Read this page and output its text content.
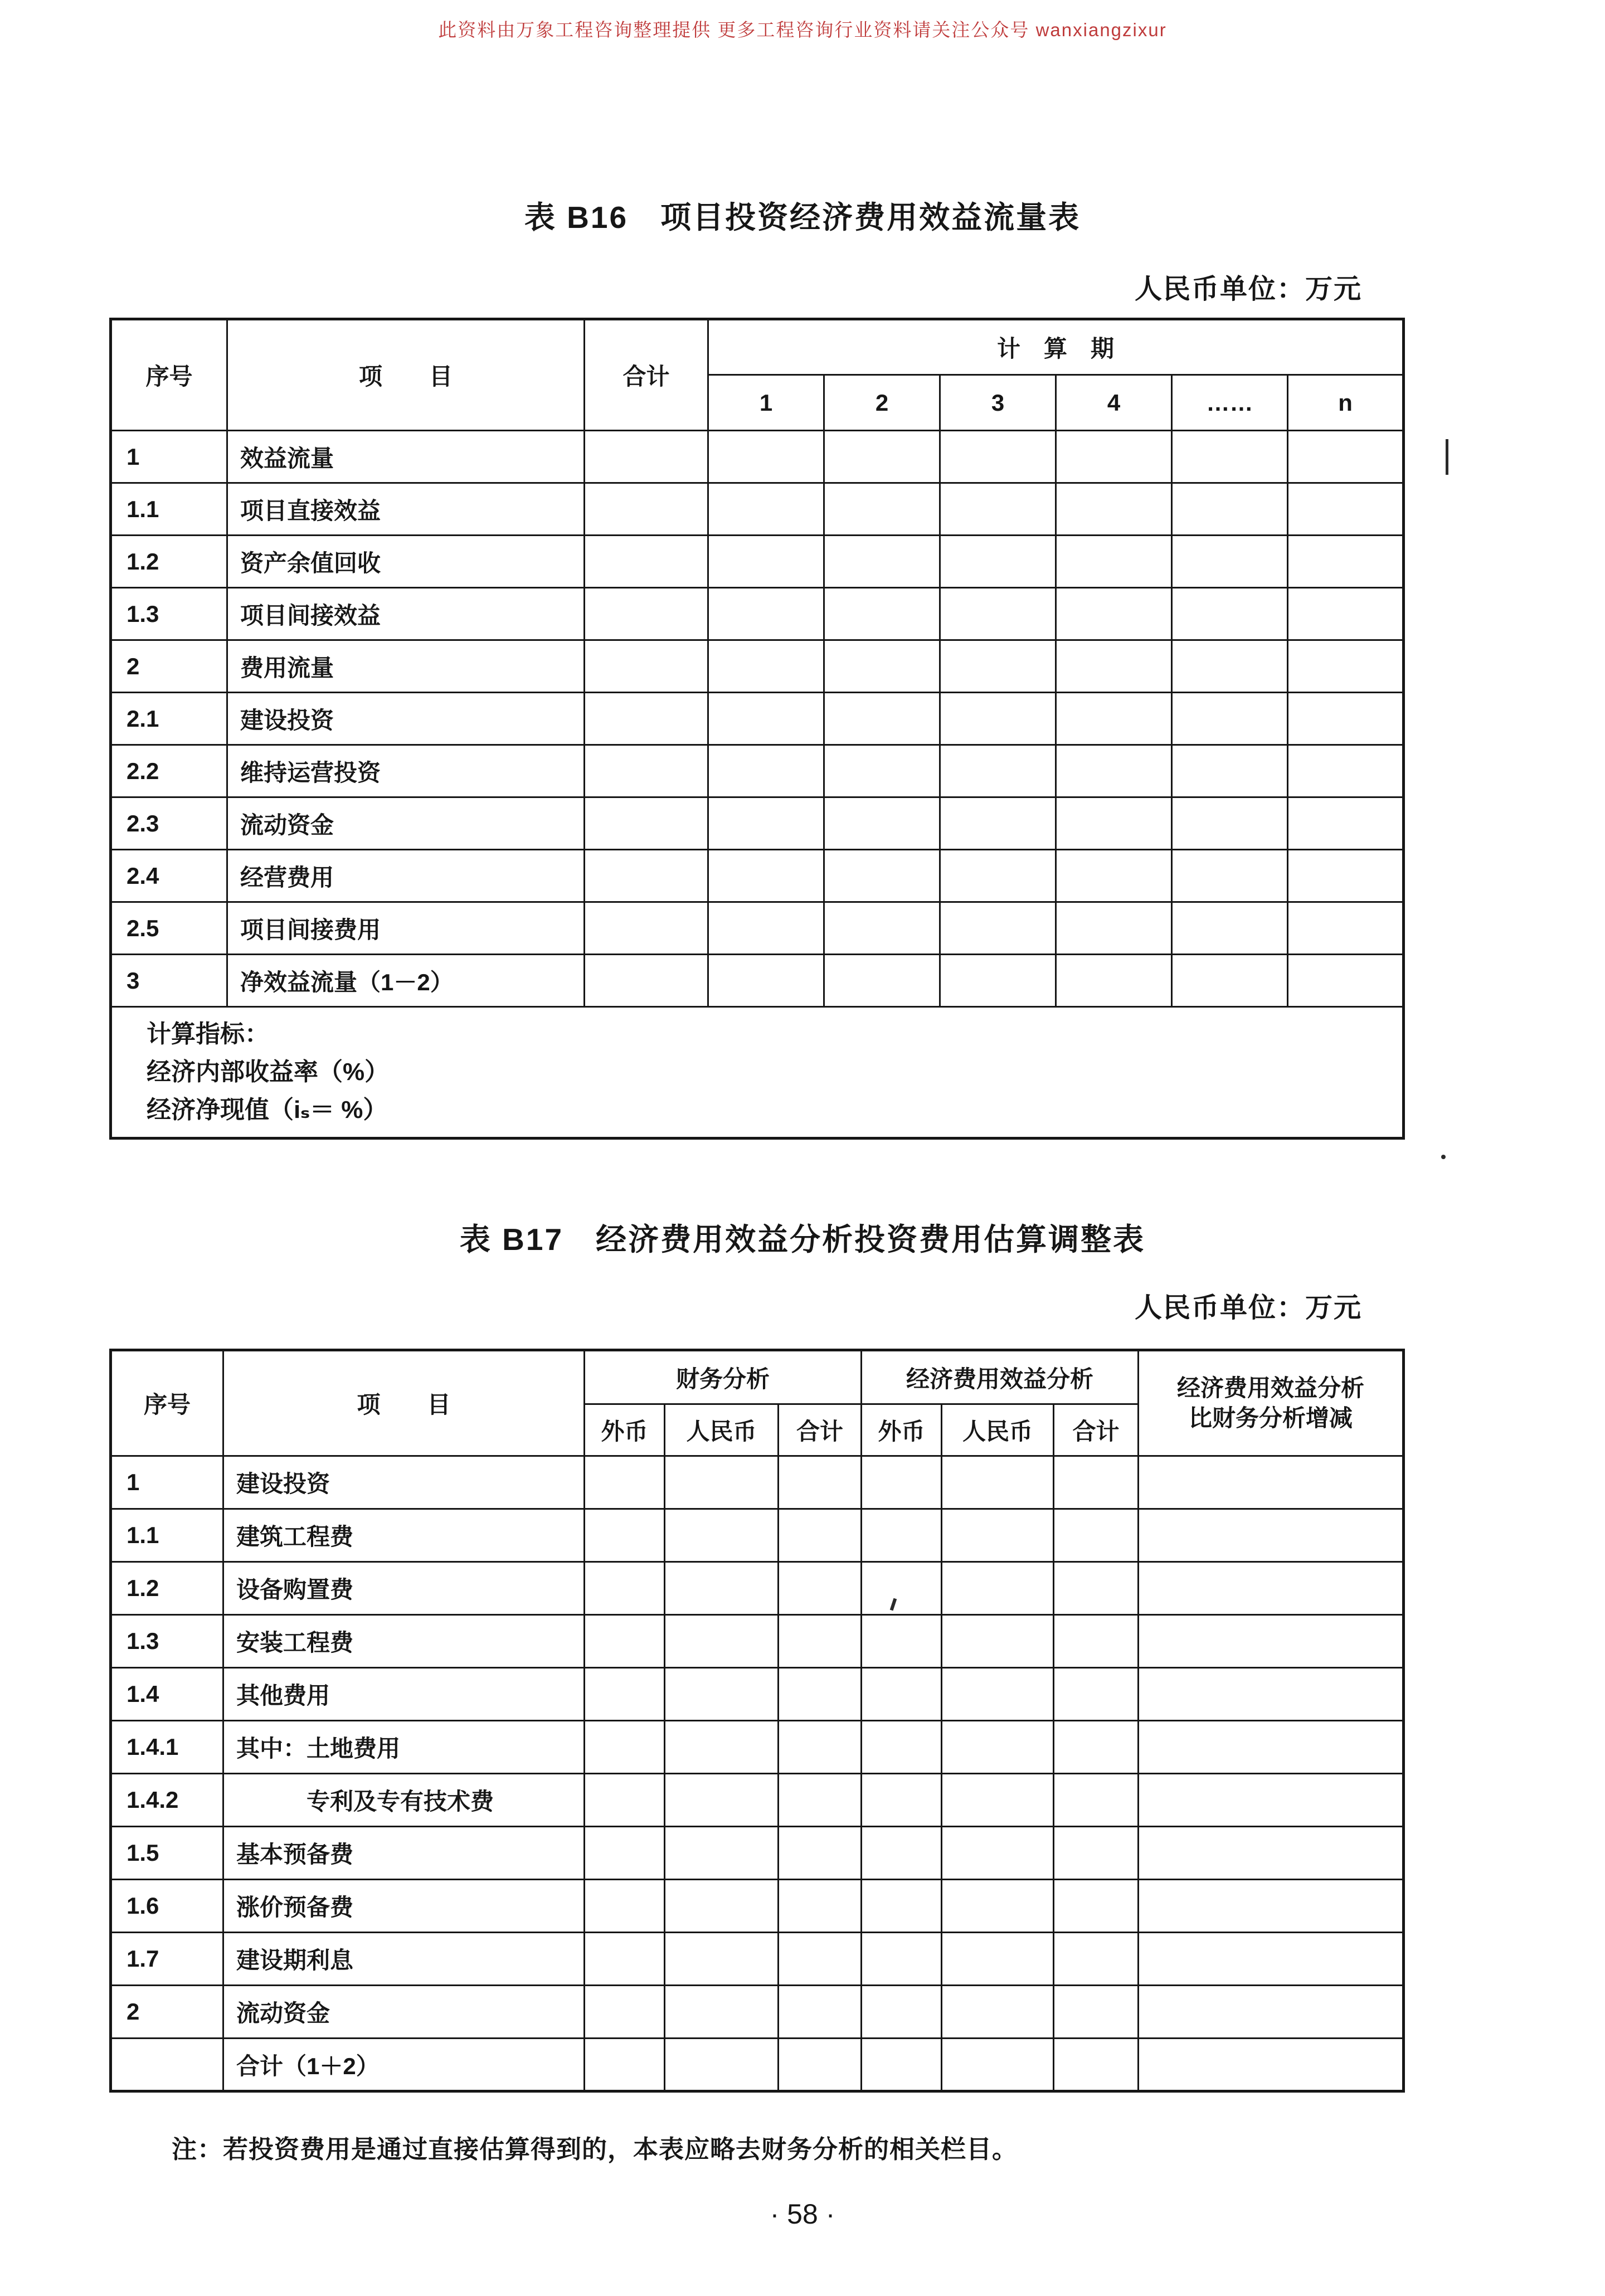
此资料由万象工程咨询整理提供 更多工程咨询行业资料请关注公众号 wanxiangzixur
表 B16　项目投资经济费用效益流量表
人民币单位：万元
序号	项　　目	合计	计　算　期					
			1	2	3	4	……	n
1	效益流量							
1.1	项目直接效益							
1.2	资产余值回收							
1.3	项目间接效益							
2	费用流量							
2.1	建设投资							
2.2	维持运营投资							
2.3	流动资金							
2.4	经营费用							
2.5	项目间接费用							
3	净效益流量（1－2）							

计算指标：
经济内部收益率（%）
经济净现值（iₛ＝ %）								
表 B17　经济费用效益分析投资费用估算调整表
人民币单位：万元
序号	项　　目	财务分析			经济费用效益分析			经济费用效益分析
比财务分析增减

		外币	人民币	合计	外币	人民币	合计	
1	建设投资							
1.1	建筑工程费							
1.2	设备购置费							
1.3	安装工程费							
1.4	其他费用							
1.4.1	其中：土地费用							
1.4.2	　　　专利及专有技术费							
1.5	基本预备费							
1.6	涨价预备费							
1.7	建设期利息							
2	流动资金							
	合计（1＋2）							
注：若投资费用是通过直接估算得到的，本表应略去财务分析的相关栏目。
· 58 ·
